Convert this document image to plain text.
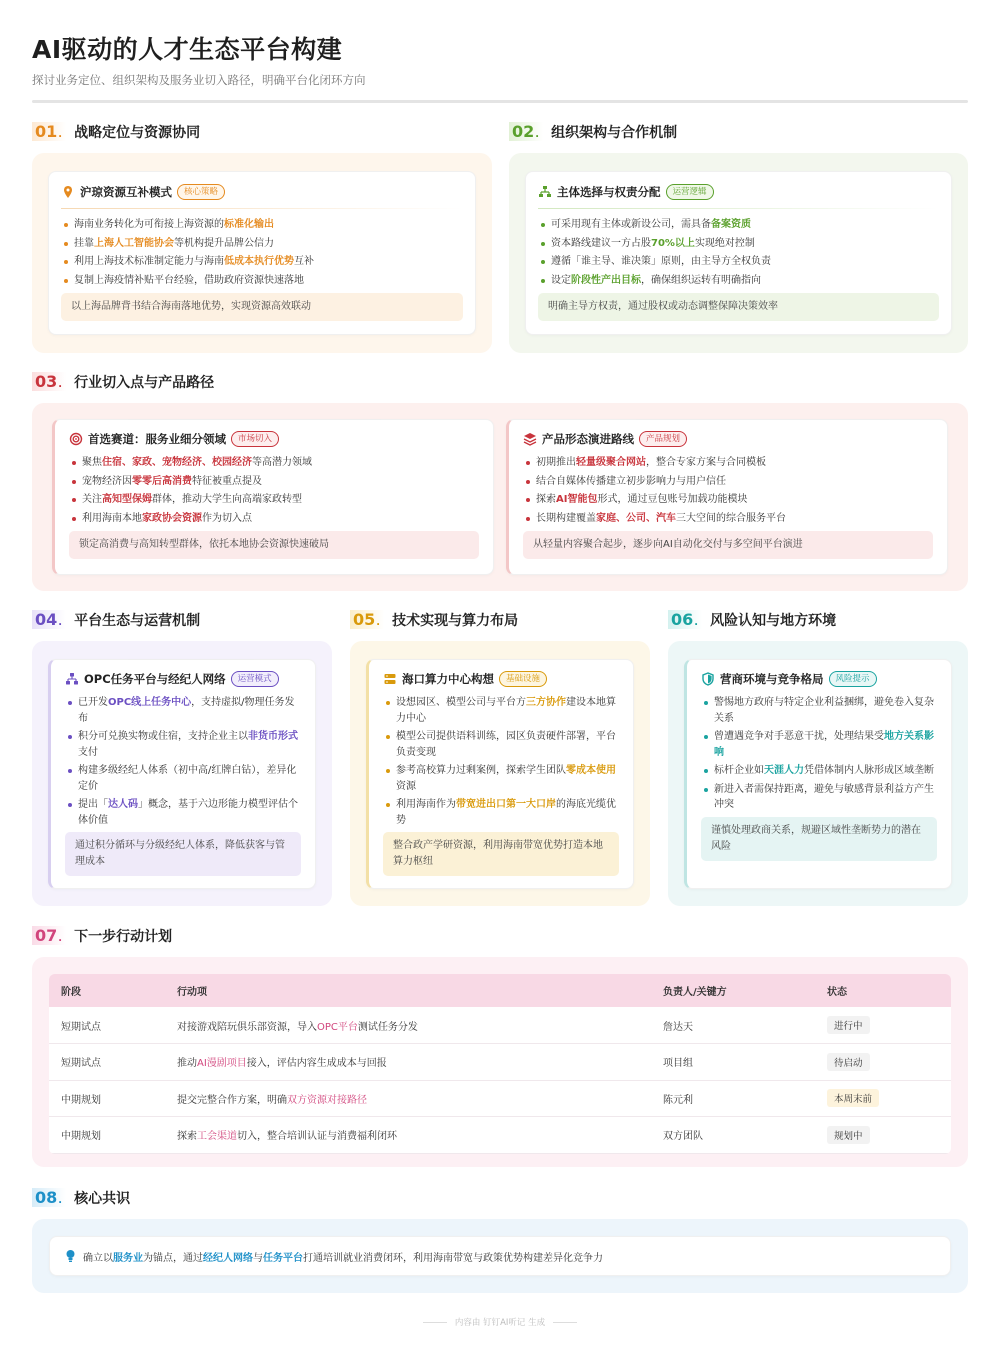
AI驱动的人才生态平台构建
探讨业务定位、组织架构及服务业切入路径，明确平台化闭环方向
01. 战略定位与资源协同
沪琼资源互补模式	核心策略
海南业务转化为可衔接上海资源的标准化输出
挂靠上海人工智能协会等机构提升品牌公信力
利用上海技术标准制定能力与海南低成本执行优势互补
复制上海疫情补贴平台经验，借助政府资源快速落地
以上海品牌背书结合海南落地优势，实现资源高效联动
02. 组织架构与合作机制
主体选择与权责分配	运营逻辑
可采用现有主体或新设公司，需具备备案资质
资本路线建议一方占股70%以上实现绝对控制
遵循「谁主导、谁决策」原则，由主导方全权负责
设定阶段性产出目标，确保组织运转有明确指向
明确主导方权责，通过股权或动态调整保障决策效率
03. 行业切入点与产品路径
首选赛道：服务业细分领域	市场切入
聚焦住宿、家政、宠物经济、校园经济等高潜力领域
宠物经济因零零后高消费特征被重点提及
关注高知型保姆群体，推动大学生向高端家政转型
利用海南本地家政协会资源作为切入点
锁定高消费与高知转型群体，依托本地协会资源快速破局
产品形态演进路线	产品规划
初期推出轻量级聚合网站，整合专家方案与合同模板
结合自媒体传播建立初步影响力与用户信任
探索AI智能包形式，通过豆包账号加载功能模块
长期构建覆盖家庭、公司、汽车三大空间的综合服务平台
从轻量内容聚合起步，逐步向AI自动化交付与多空间平台演进
04. 平台生态与运营机制
OPC任务平台与经纪人网络	运营模式
已开发OPC线上任务中心，支持虚拟/物理任务发布
积分可兑换实物或住宿，支持企业主以非货币形式支付
构建多级经纪人体系（初中高/红牌白钻），差异化定价
提出「达人码」概念，基于六边形能力模型评估个体价值
通过积分循环与分级经纪人体系，降低获客与管理成本
05. 技术实现与算力布局
海口算力中心构想	基础设施
设想园区、模型公司与平台方三方协作建设本地算力中心
模型公司提供语料训练，园区负责硬件部署，平台负责变现
参考高校算力过剩案例，探索学生团队零成本使用资源
利用海南作为带宽进出口第一大口岸的海底光缆优势
整合政产学研资源，利用海南带宽优势打造本地算力枢纽
06. 风险认知与地方环境
营商环境与竞争格局	风险提示
警惕地方政府与特定企业利益捆绑，避免卷入复杂关系
曾遭遇竞争对手恶意干扰，处理结果受地方关系影响
标杆企业如天涯人力凭借体制内人脉形成区域垄断
新进入者需保持距离，避免与敏感背景利益方产生冲突
谨慎处理政商关系，规避区域性垄断势力的潜在风险
07. 下一步行动计划
阶段	行动项	负责人/关键方	状态
短期试点	对接游戏陪玩俱乐部资源，导入OPC平台测试任务分发	詹达天	进行中
短期试点	推动AI漫剧项目接入，评估内容生成成本与回报	项目组	待启动
中期规划	提交完整合作方案，明确双方资源对接路径	陈元利	本周末前
中期规划	探索工会渠道切入，整合培训认证与消费福利闭环	双方团队	规划中
08. 核心共识
确立以服务业为锚点，通过经纪人网络与任务平台打通培训就业消费闭环，利用海南带宽与政策优势构建差异化竞争力
内容由 钉钉AI听记 生成
